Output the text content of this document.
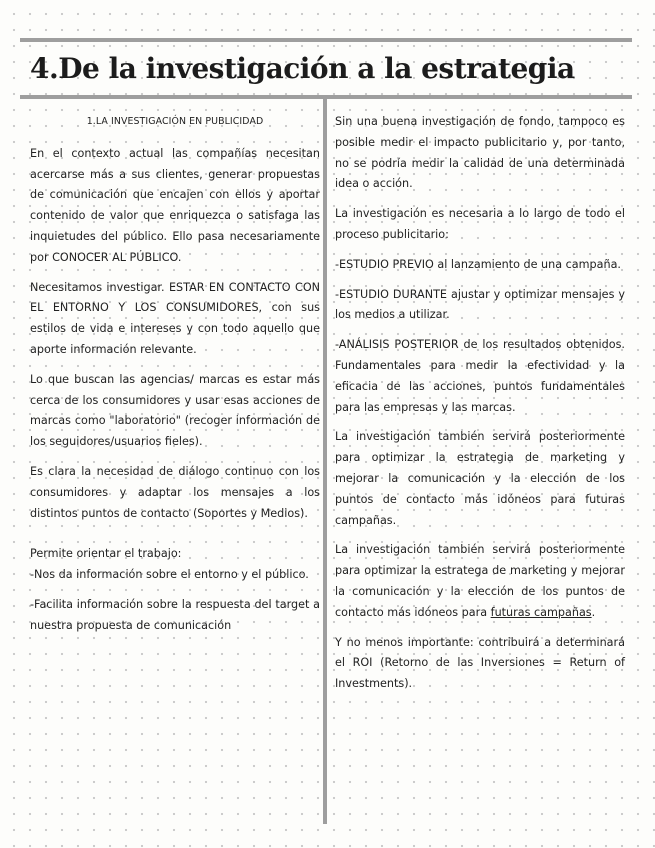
4.De la investigación a la estrategia
1.LA INVESTIGACIÓN EN PUBLICIDAD

En el contexto actual las compañías necesitan acercarse más a sus clientes, generar propuestas de comunicación que encajen con ellos y aportar contenido de valor que enriquezca o satisfaga las inquietudes del público. Ello pasa necesariamente por CONOCER AL PÚBLICO.

Necesitamos investigar. ESTAR EN CONTACTO CON EL ENTORNO Y LOS CONSUMIDORES, con sus estilos de vida e intereses y con todo aquello que aporte información relevante.

Lo que buscan las agencias/ marcas es estar más cerca de los consumidores y usar esas acciones de marcas como "laboratorio" (recoger información de los seguidores/usuarios fieles).

Es clara la necesidad de diálogo continuo con los consumidores y adaptar los mensajes a los distintos puntos de contacto (Soportes y Medios).

Permite orientar el trabajo:

-Nos da información sobre el entorno y el público.

-Facilita información sobre la respuesta del target a nuestra propuesta de comunicación

Sin una buena investigación de fondo, tampoco es posible medir el impacto publicitario y, por tanto, no se podría medir la calidad de una determinada idea o acción.

La investigación es necesaria a lo largo de todo el proceso publicitario:

-ESTUDIO PREVIO al lanzamiento de una campaña.

-ESTUDIO DURANTE ajustar y optimizar mensajes y los medios a utilizar.

-ANÁLISIS POSTERIOR de los resultados obtenidos. Fundamentales para medir la efectividad y la eficacia de las acciones, puntos fundamentales para las empresas y las marcas.

La investigación también servirá posteriormente para optimizar la estrategia de marketing y mejorar la comunicación y la elección de los puntos de contacto más idóneos para futuras campañas.

La investigación también servirá posteriormente para optimizar la estratega de marketing y mejorar la comunicación y la elección de los puntos de contacto más idóneos para futuras campañas.

Y no menos importante: contribuirá a determinará el ROI (Retorno de las Inversiones = Return of Investments).
